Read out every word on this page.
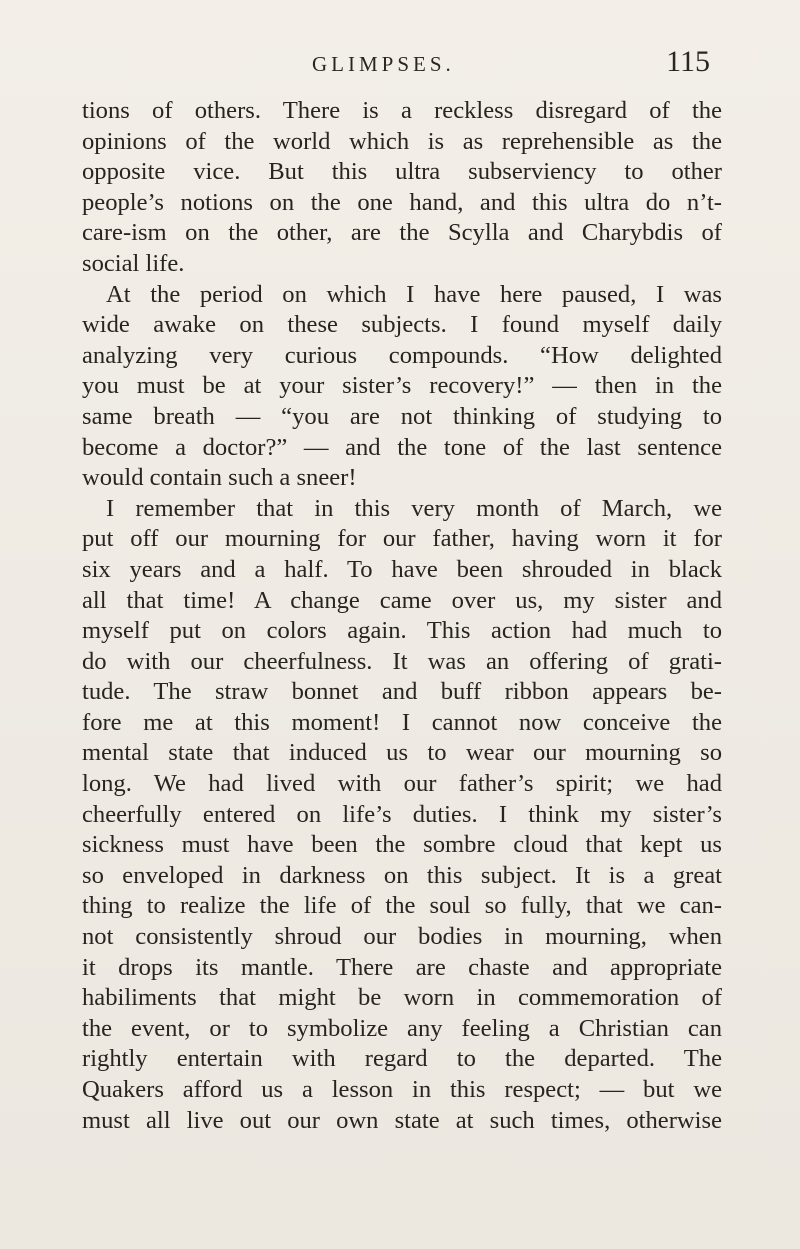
GLIMPSES.	115
tions of others. There is a reckless disregard of the
opinions of the world which is as reprehensible as the
opposite vice. But this ultra subserviency to other
people’s notions on the one hand, and this ultra do n’t-
care-ism on the other, are the Scylla and Charybdis of
social life.
At the period on which I have here paused, I was
wide awake on these subjects. I found myself daily
analyzing very curious compounds. “How delighted
you must be at your sister’s recovery!” — then in the
same breath — “you are not thinking of studying to
become a doctor?” — and the tone of the last sentence
would contain such a sneer!
I remember that in this very month of March, we
put off our mourning for our father, having worn it for
six years and a half. To have been shrouded in black
all that time! A change came over us, my sister and
myself put on colors again. This action had much to
do with our cheerfulness. It was an offering of grati-
tude. The straw bonnet and buff ribbon appears be-
fore me at this moment! I cannot now conceive the
mental state that induced us to wear our mourning so
long. We had lived with our father’s spirit; we had
cheerfully entered on life’s duties. I think my sister’s
sickness must have been the sombre cloud that kept us
so enveloped in darkness on this subject. It is a great
thing to realize the life of the soul so fully, that we can-
not consistently shroud our bodies in mourning, when
it drops its mantle. There are chaste and appropriate
habiliments that might be worn in commemoration of
the event, or to symbolize any feeling a Christian can
rightly entertain with regard to the departed. The
Quakers afford us a lesson in this respect; — but we
must all live out our own state at such times, otherwise
